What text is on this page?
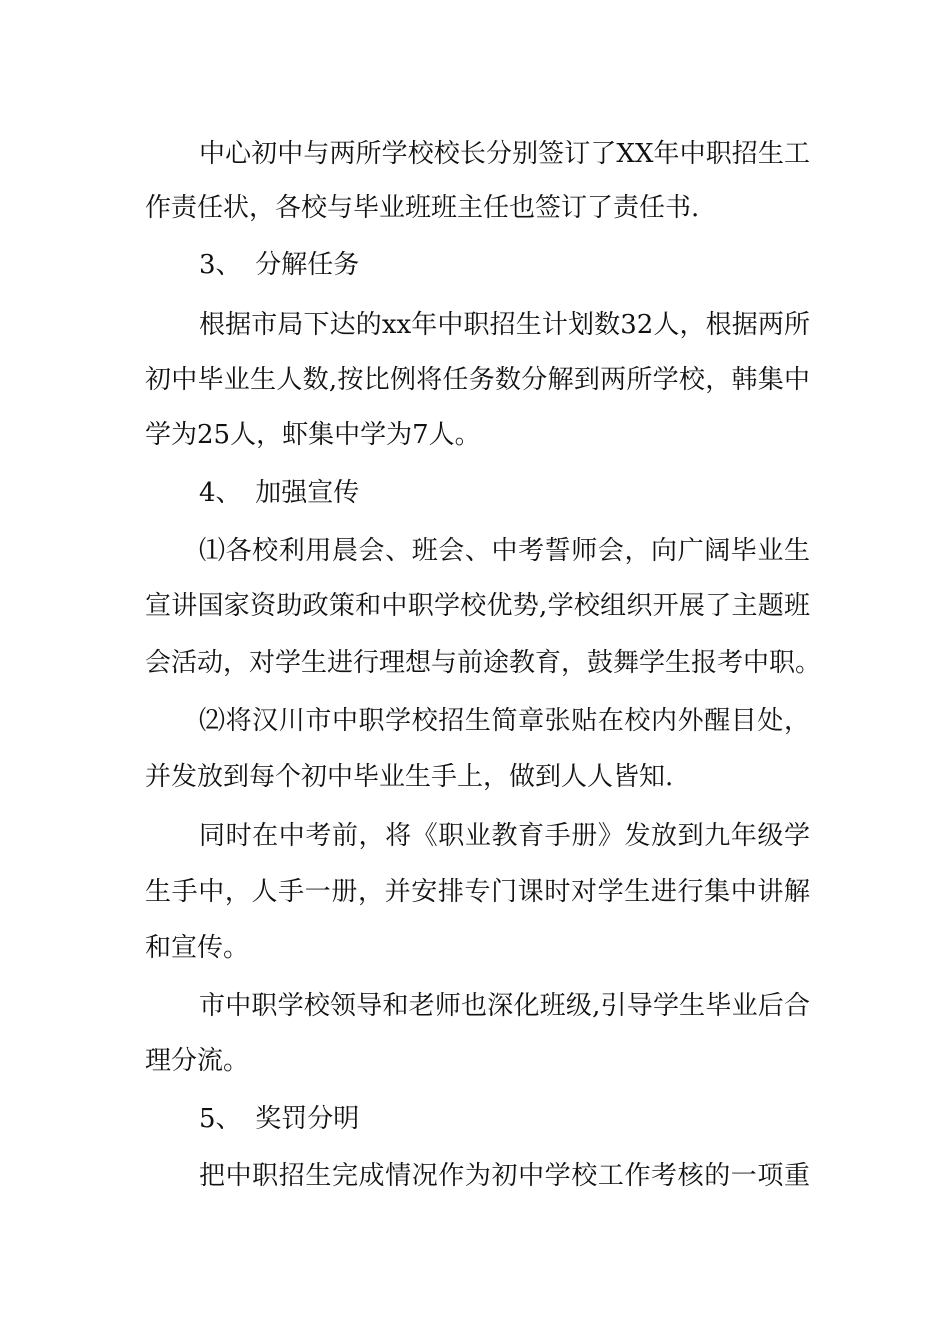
中心初中与两所学校校长分别签订了XX年中职招生工
作责任状，各校与毕业班班主任也签订了责任书.
3、 分解任务
根据市局下达的xx年中职招生计划数32人，根据两所
初中毕业生人数,按比例将任务数分解到两所学校，韩集中
学为25人，虾集中学为7人。
4、 加强宣传
⑴各校利用晨会、班会、中考誓师会，向广阔毕业生
宣讲国家资助政策和中职学校优势,学校组织开展了主题班
会活动，对学生进行理想与前途教育，鼓舞学生报考中职。
⑵将汉川市中职学校招生简章张贴在校内外醒目处，
并发放到每个初中毕业生手上，做到人人皆知.
同时在中考前，将《职业教育手册》发放到九年级学
生手中，人手一册，并安排专门课时对学生进行集中讲解
和宣传。
市中职学校领导和老师也深化班级,引导学生毕业后合
理分流。
5、 奖罚分明
把中职招生完成情况作为初中学校工作考核的一项重
